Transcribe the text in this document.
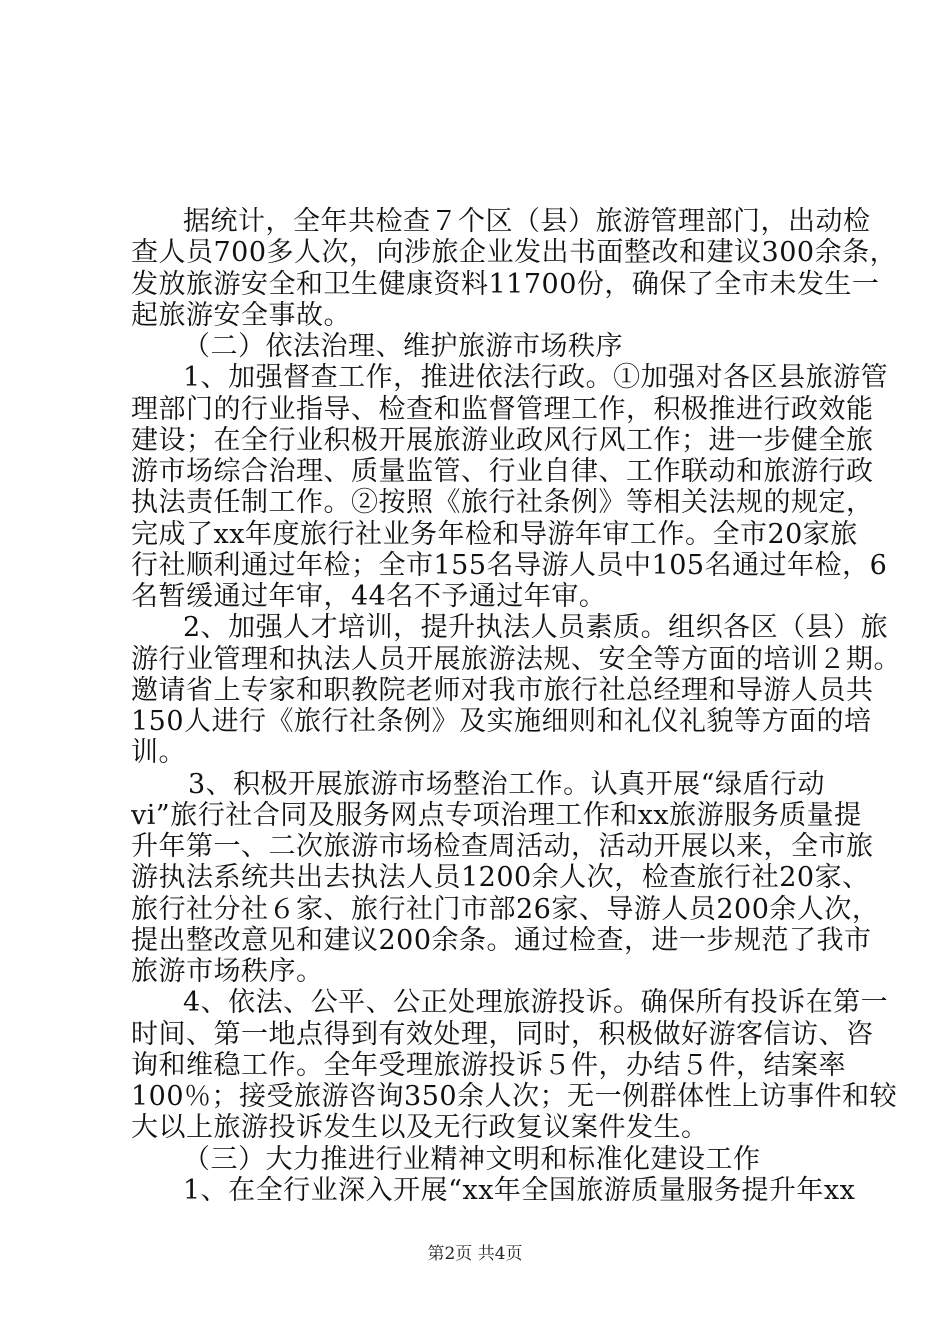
据统计，全年共检查７个区（县）旅游管理部门，出动检
查人员700多人次，向涉旅企业发出书面整改和建议300余条，
发放旅游安全和卫生健康资料11700份，确保了全市未发生一
起旅游安全事故。
（二）依法治理、维护旅游市场秩序
1、加强督查工作，推进依法行政。①加强对各区县旅游管
理部门的行业指导、检查和监督管理工作，积极推进行政效能
建设；在全行业积极开展旅游业政风行风工作；进一步健全旅
游市场综合治理、质量监管、行业自律、工作联动和旅游行政
执法责任制工作。②按照《旅行社条例》等相关法规的规定，
完成了xx年度旅行社业务年检和导游年审工作。全市20家旅
行社顺利通过年检；全市155名导游人员中105名通过年检，6
名暂缓通过年审，44名不予通过年审。
2、加强人才培训，提升执法人员素质。组织各区（县）旅
游行业管理和执法人员开展旅游法规、安全等方面的培训２期。
邀请省上专家和职教院老师对我市旅行社总经理和导游人员共
150人进行《旅行社条例》及实施细则和礼仪礼貌等方面的培
训。
3、积极开展旅游市场整治工作。认真开展“绿盾行动
vi”旅行社合同及服务网点专项治理工作和xx旅游服务质量提
升年第一、二次旅游市场检查周活动，活动开展以来，全市旅
游执法系统共出去执法人员1200余人次，检查旅行社20家、
旅行社分社６家、旅行社门市部26家、导游人员200余人次，
提出整改意见和建议200余条。通过检查，进一步规范了我市
旅游市场秩序。
4、依法、公平、公正处理旅游投诉。确保所有投诉在第一
时间、第一地点得到有效处理，同时，积极做好游客信访、咨
询和维稳工作。全年受理旅游投诉５件，办结５件，结案率
100％；接受旅游咨询350余人次；无一例群体性上访事件和较
大以上旅游投诉发生以及无行政复议案件发生。
（三）大力推进行业精神文明和标准化建设工作
1、在全行业深入开展“xx年全国旅游质量服务提升年xx
第2页 共4页
